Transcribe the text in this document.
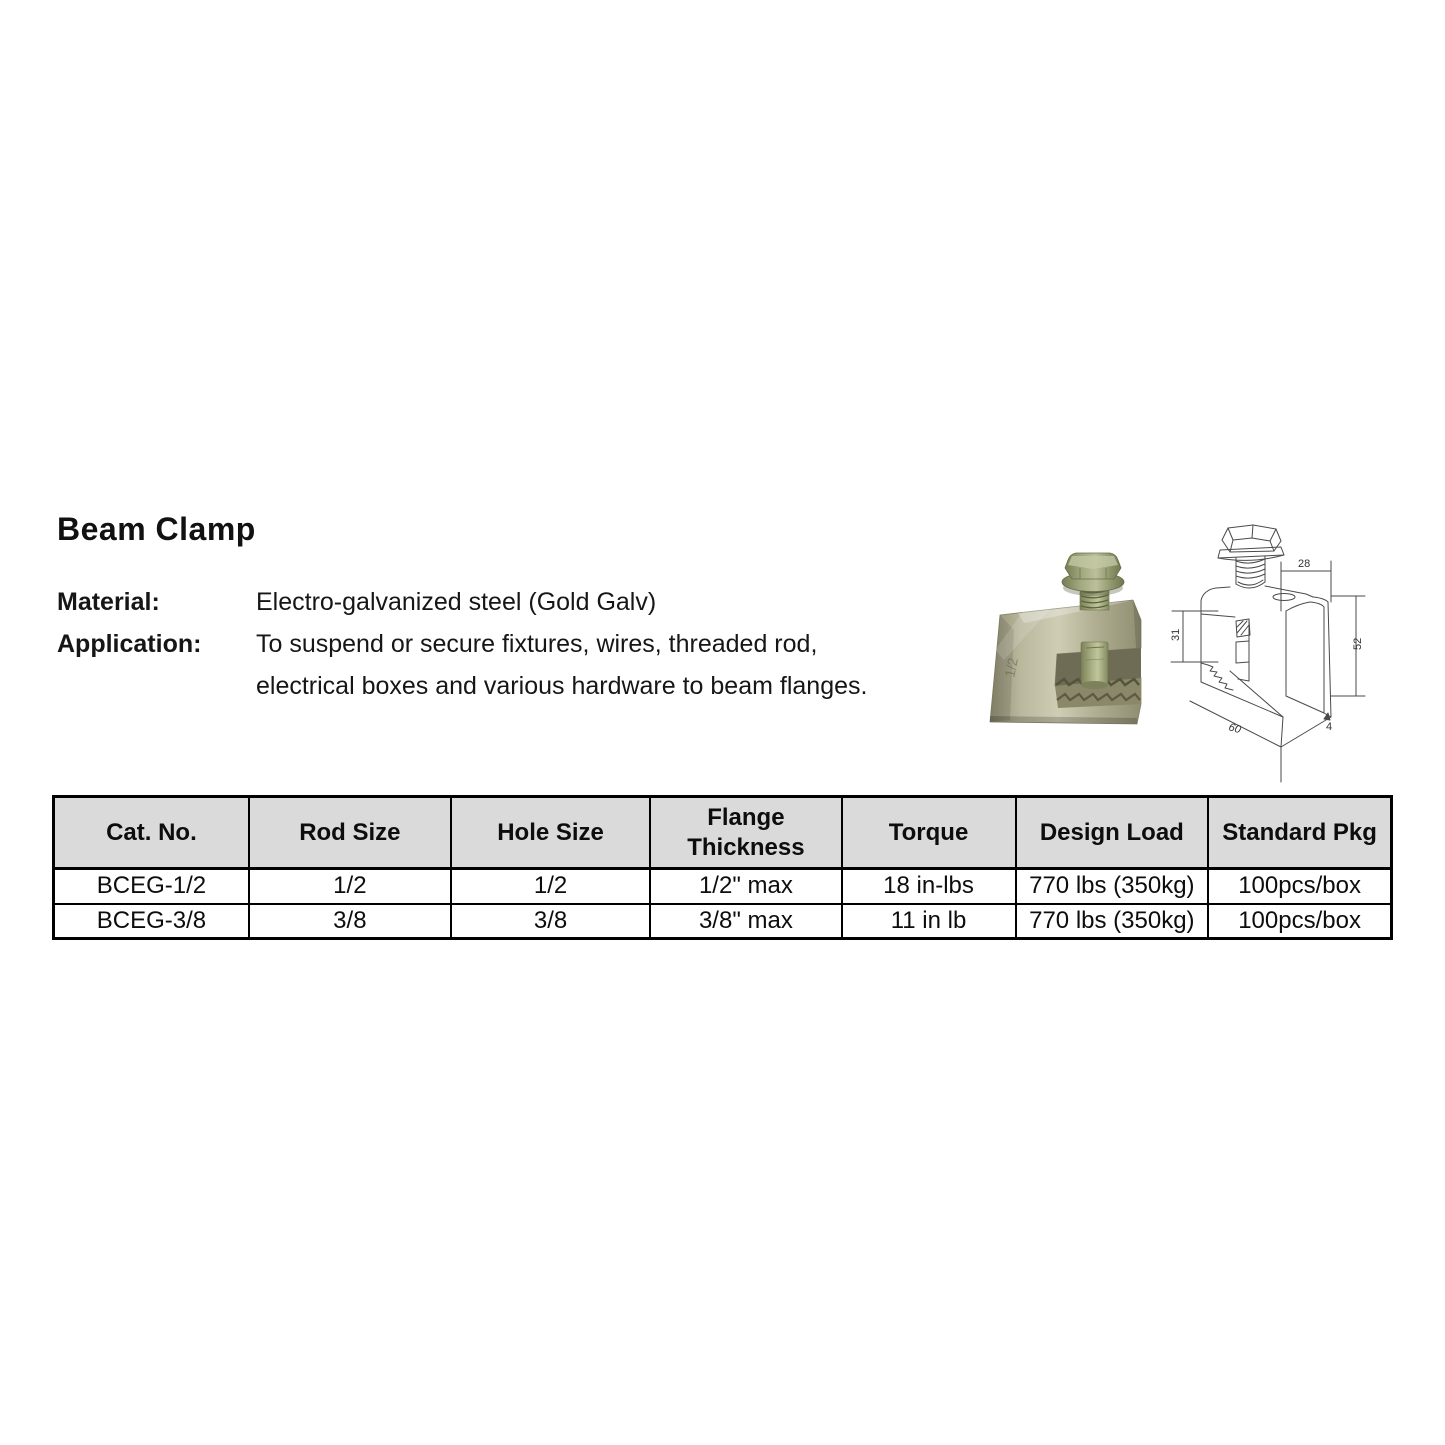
Beam Clamp
Material:	Electro-galvanized steel (Gold Galv)
Application:	To suspend or secure fixtures, wires, threaded rod,
electrical boxes and various hardware to beam flanges.
1/2
28
31
52
60	4
Cat. No.	Rod Size	Hole Size	Flange Thickness	Torque	Design Load	Standard Pkg
BCEG-1/2	1/2	1/2	1/2" max	18 in-lbs	770 lbs (350kg)	100pcs/box
BCEG-3/8	3/8	3/8	3/8" max	11 in lb	770 lbs (350kg)	100pcs/box
